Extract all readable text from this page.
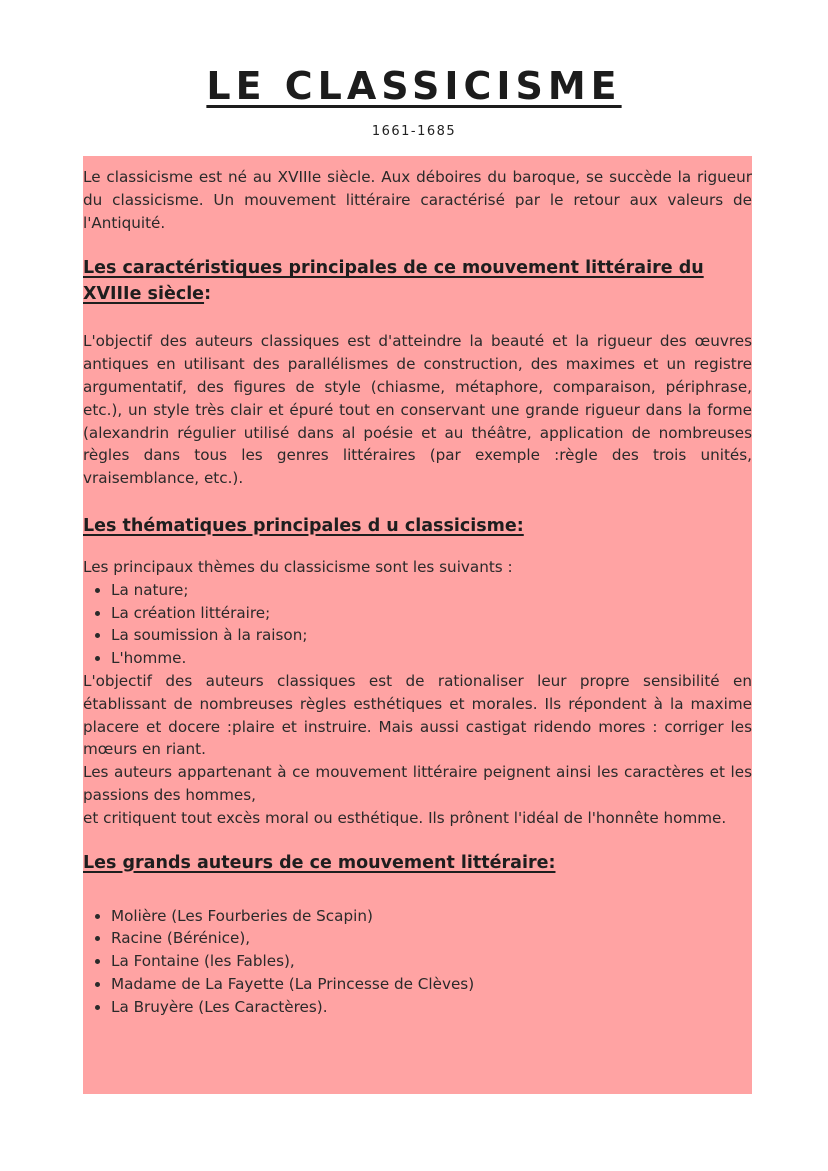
LE CLASSICISME
1661-1685

Le classicisme est né au XVIIIe siècle. Aux déboires du baroque, se succède la rigueur du classicisme. Un mouvement littéraire caractérisé par le retour aux valeurs de l'Antiquité.

Les caractéristiques principales de ce mouvement littéraire du XVIIIe siècle:

L'objectif des auteurs classiques est d'atteindre la beauté et la rigueur des œuvres antiques en utilisant des parallélismes de construction, des maximes et un registre argumentatif, des figures de style (chiasme, métaphore, comparaison, périphrase, etc.), un style très clair et épuré tout en conservant une grande rigueur dans la forme (alexandrin régulier utilisé dans al poésie et au théâtre, application de nombreuses règles dans tous les genres littéraires (par exemple :règle des trois unités, vraisemblance, etc.).

Les thématiques principales d u classicisme:

Les principaux thèmes du classicisme sont les suivants :

• La nature;
• La création littéraire;
• La soumission à la raison;
• L'homme.

L'objectif des auteurs classiques est de rationaliser leur propre sensibilité en établissant de nombreuses règles esthétiques et morales. Ils répondent à la maxime placere et docere :plaire et instruire. Mais aussi castigat ridendo mores : corriger les mœurs en riant.

Les auteurs appartenant à ce mouvement littéraire peignent ainsi les caractères et les passions des hommes,

et critiquent tout excès moral ou esthétique. Ils prônent l'idéal de l'honnête homme.

Les grands auteurs de ce mouvement littéraire:
• Molière (Les Fourberies de Scapin)
• Racine (Bérénice),
• La Fontaine (les Fables),
• Madame de La Fayette (La Princesse de Clèves)
• La Bruyère (Les Caractères).
